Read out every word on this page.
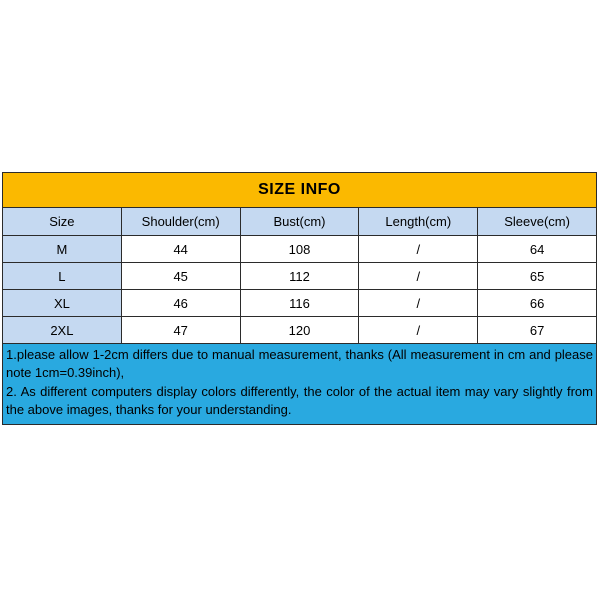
SIZE INFO
Size	Shoulder(cm)	Bust(cm)	Length(cm)	Sleeve(cm)
M	44	108	/	64
L	45	112	/	65
XL	46	116	/	66
2XL	47	120	/	67

1.please allow 1-2cm differs due to manual measurement, thanks (All measurement in cm and please note 1cm=0.39inch),

2. As different computers display colors differently, the color of the actual item may vary slightly from the above images, thanks for your understanding.
